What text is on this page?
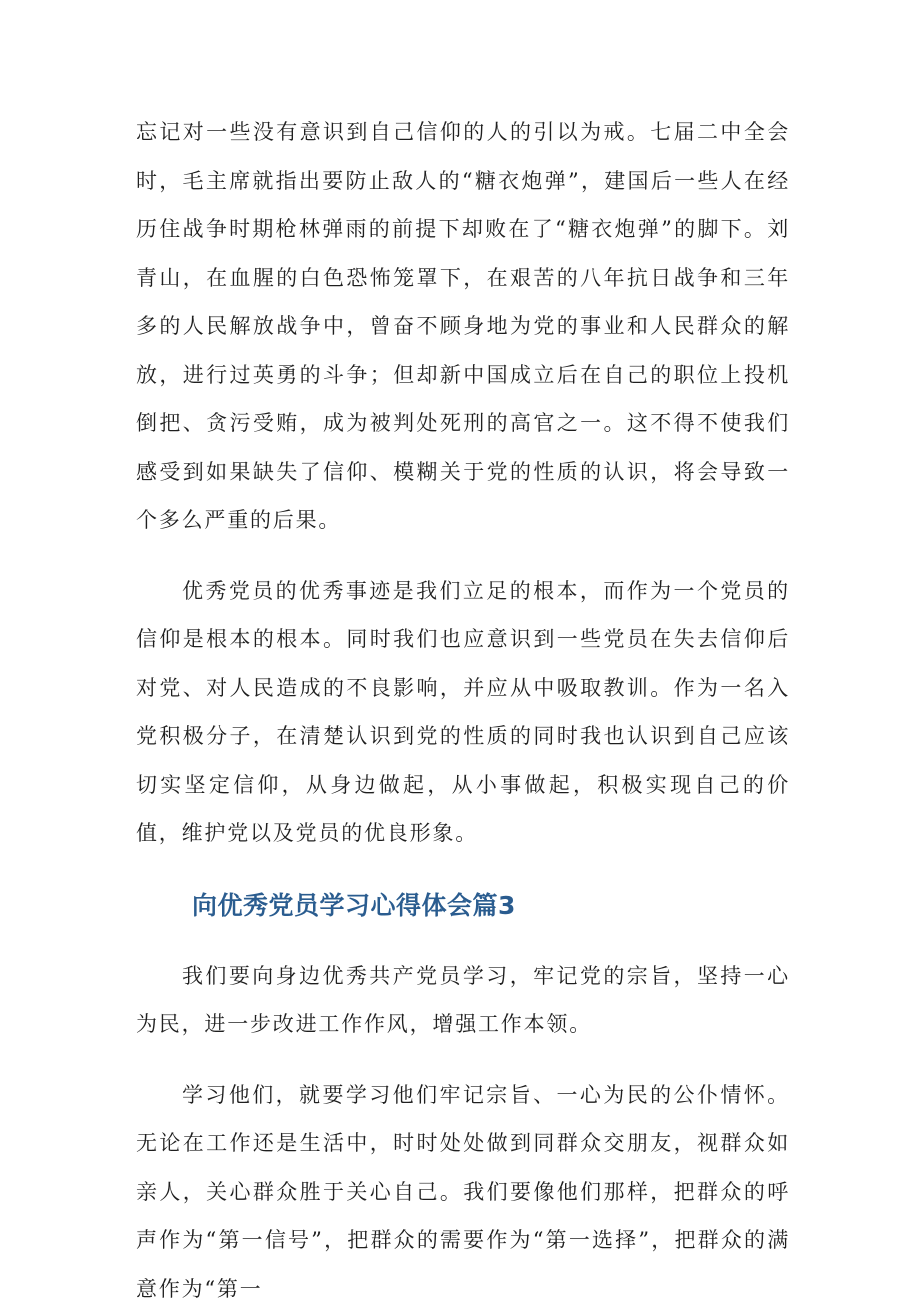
忘记对一些没有意识到自己信仰的人的引以为戒。七届二中全会时，毛主席就指出要防止敌人的“糖衣炮弹”，建国后一些人在经历住战争时期枪林弹雨的前提下却败在了“糖衣炮弹”的脚下。刘青山，在血腥的白色恐怖笼罩下，在艰苦的八年抗日战争和三年多的人民解放战争中，曾奋不顾身地为党的事业和人民群众的解放，进行过英勇的斗争；但却新中国成立后在自己的职位上投机倒把、贪污受贿，成为被判处死刑的高官之一。这不得不使我们感受到如果缺失了信仰、模糊关于党的性质的认识，将会导致一个多么严重的后果。

优秀党员的优秀事迹是我们立足的根本，而作为一个党员的信仰是根本的根本。同时我们也应意识到一些党员在失去信仰后对党、对人民造成的不良影响，并应从中吸取教训。作为一名入党积极分子，在清楚认识到党的性质的同时我也认识到自己应该切实坚定信仰，从身边做起，从小事做起，积极实现自己的价值，维护党以及党员的优良形象。

向优秀党员学习心得体会篇3

我们要向身边优秀共产党员学习，牢记党的宗旨，坚持一心为民，进一步改进工作作风，增强工作本领。

学习他们，就要学习他们牢记宗旨、一心为民的公仆情怀。无论在工作还是生活中，时时处处做到同群众交朋友，视群众如亲人，关心群众胜于关心自己。我们要像他们那样，把群众的呼声作为“第一信号”，把群众的需要作为“第一选择”，把群众的满意作为“第一
